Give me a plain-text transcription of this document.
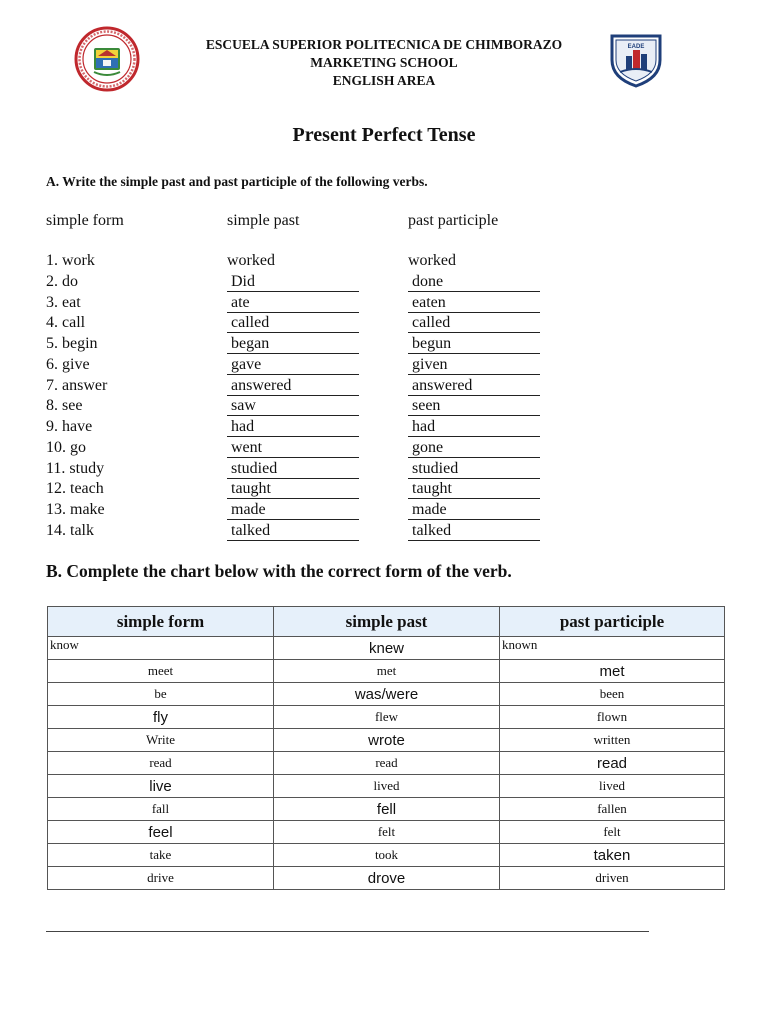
ESCUELA SUPERIOR POLITECNICA DE CHIMBORAZO
MARKETING SCHOOL
ENGLISH AREA
EADE
Present Perfect Tense
A. Write the simple past and past participle of the following verbs.
simple form	simple past	past participle
1. work	worked	worked
2. do	Did	done
3. eat	ate	eaten
4. call	called	called
5. begin	began	begun
6. give	gave	given
7. answer	answered	answered
8. see	saw	seen
9. have	had	had
10. go	went	gone
11. study	studied	studied
12. teach	taught	taught
13. make	made	made
14. talk	talked	talked
B. Complete the chart below with the correct form of the verb.
simple form	simple past	past participle
know	knew	known
meet	met	met
be	was/were	been
fly	flew	flown
Write	wrote	written
read	read	read
live	lived	lived
fall	fell	fallen
feel	felt	felt
take	took	taken
drive	drove	driven
